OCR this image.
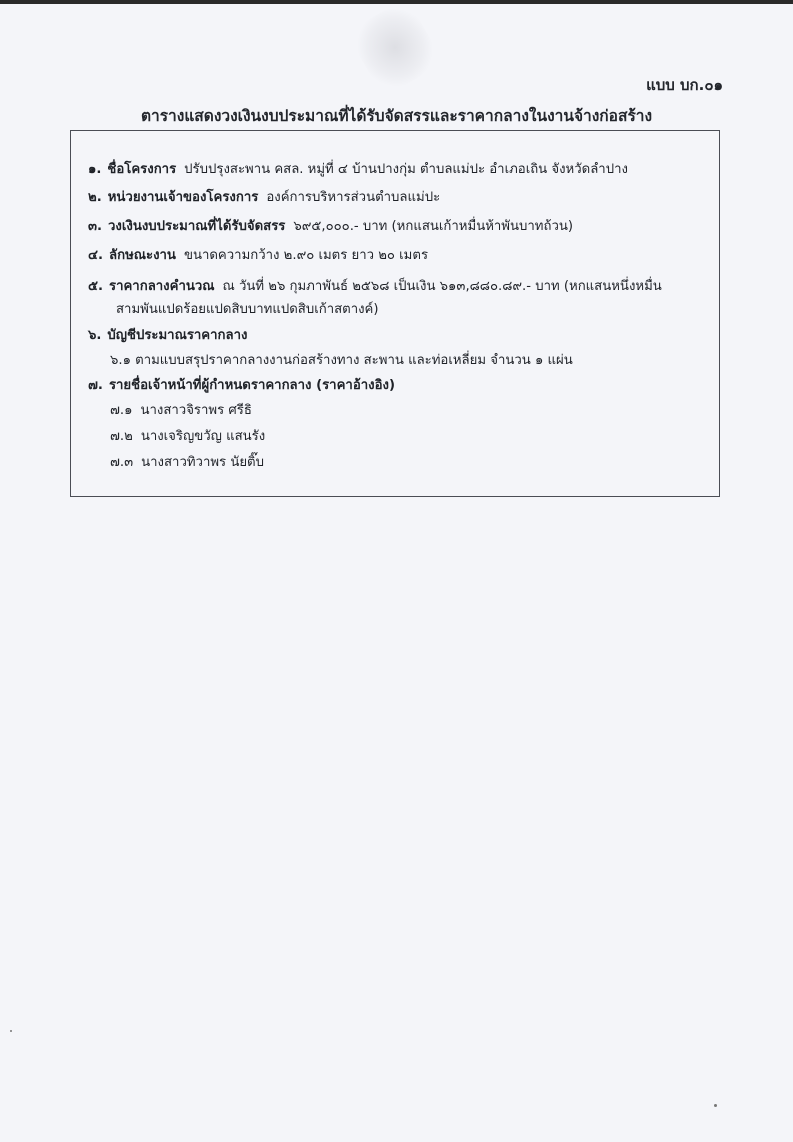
แบบ บก.๐๑
ตารางแสดงวงเงินงบประมาณที่ได้รับจัดสรรและราคากลางในงานจ้างก่อสร้าง
๑. ชื่อโครงการ ปรับปรุงสะพาน คสล. หมู่ที่ ๔ บ้านปางกุ่ม ตำบลแม่ปะ อำเภอเถิน จังหวัดลำปาง
๒. หน่วยงานเจ้าของโครงการ องค์การบริหารส่วนตำบลแม่ปะ
๓. วงเงินงบประมาณที่ได้รับจัดสรร ๖๙๕,๐๐๐.- บาท (หกแสนเก้าหมื่นห้าพันบาทถ้วน)
๔. ลักษณะงาน ขนาดความกว้าง ๒.๙๐ เมตร ยาว ๒๐ เมตร
๕. ราคากลางคำนวณ ณ วันที่ ๒๖ กุมภาพันธ์ ๒๕๖๘ เป็นเงิน ๖๑๓,๘๘๐.๘๙.- บาท (หกแสนหนึ่งหมื่น
สามพันแปดร้อยแปดสิบบาทแปดสิบเก้าสตางค์)
๖. บัญชีประมาณราคากลาง
๖.๑ ตามแบบสรุปราคากลางงานก่อสร้างทาง สะพาน และท่อเหลี่ยม จำนวน ๑ แผ่น
๗. รายชื่อเจ้าหน้าที่ผู้กำหนดราคากลาง (ราคาอ้างอิง)
๗.๑ นางสาวจิราพร ศรีธิ
๗.๒ นางเจริญขวัญ แสนรัง
๗.๓ นางสาวทิวาพร นัยติ๊บ
